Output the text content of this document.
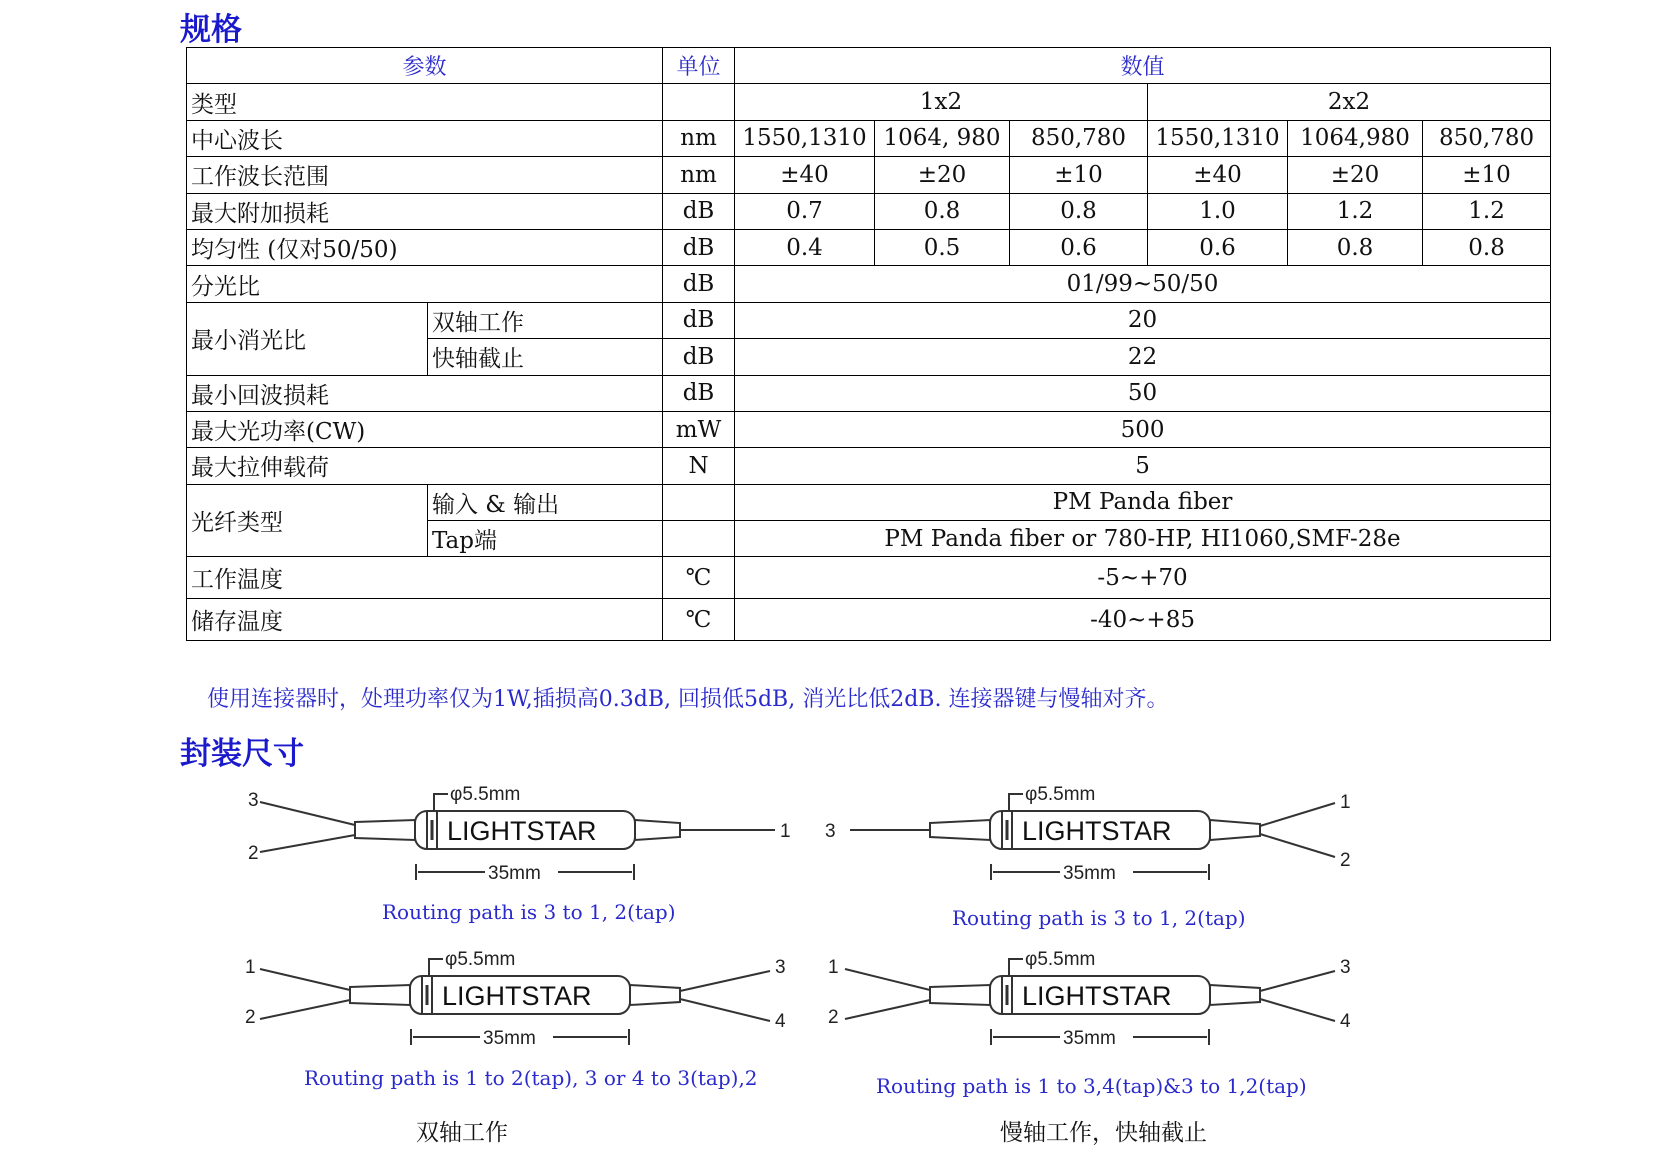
规格
参数		单位	数值					
类型			1x2			2x2		
中心波长		nm	1550,1310	1064, 980	850,780	1550,1310	1064,980	850,780
工作波长范围		nm	±40	±20	±10	±40	±20	±10
最大附加损耗		dB	0.7	0.8	0.8	1.0	1.2	1.2
均匀性 (仅对50/50)		dB	0.4	0.5	0.6	0.6	0.8	0.8
分光比		dB	01/99~50/50					
最小消光比	双轴工作	dB	20					
	快轴截止	dB	22					
最小回波损耗		dB	50					
最大光功率(CW)		mW	500					
最大拉伸载荷		N	5					
光纤类型	输入 & 输出		PM Panda fiber					
	Tap端		PM Panda fiber or 780-HP, HI1060,SMF-28e					
工作温度		℃	-5~+70					
储存温度		℃	-40~+85					

使用连接器时，处理功率仅为1W,插损高0.3dB, 回损低5dB, 消光比低2dB. 连接器键与慢轴对齐。

封装尺寸
φ5.5mm
LIGHTSTAR
35mm
3
2
1

Routing path is 3 to 1, 2(tap)

φ5.5mm
LIGHTSTAR
35mm
3
1
2

Routing path is 3 to 1, 2(tap)

φ5.5mm
LIGHTSTAR
35mm
1
2
3
4

Routing path is 1 to 2(tap), 3 or 4 to 3(tap),2

φ5.5mm
LIGHTSTAR
35mm
1
2
3
4

Routing path is 1 to 3,4(tap)&3 to 1,2(tap)

双轴工作	慢轴工作，快轴截止
